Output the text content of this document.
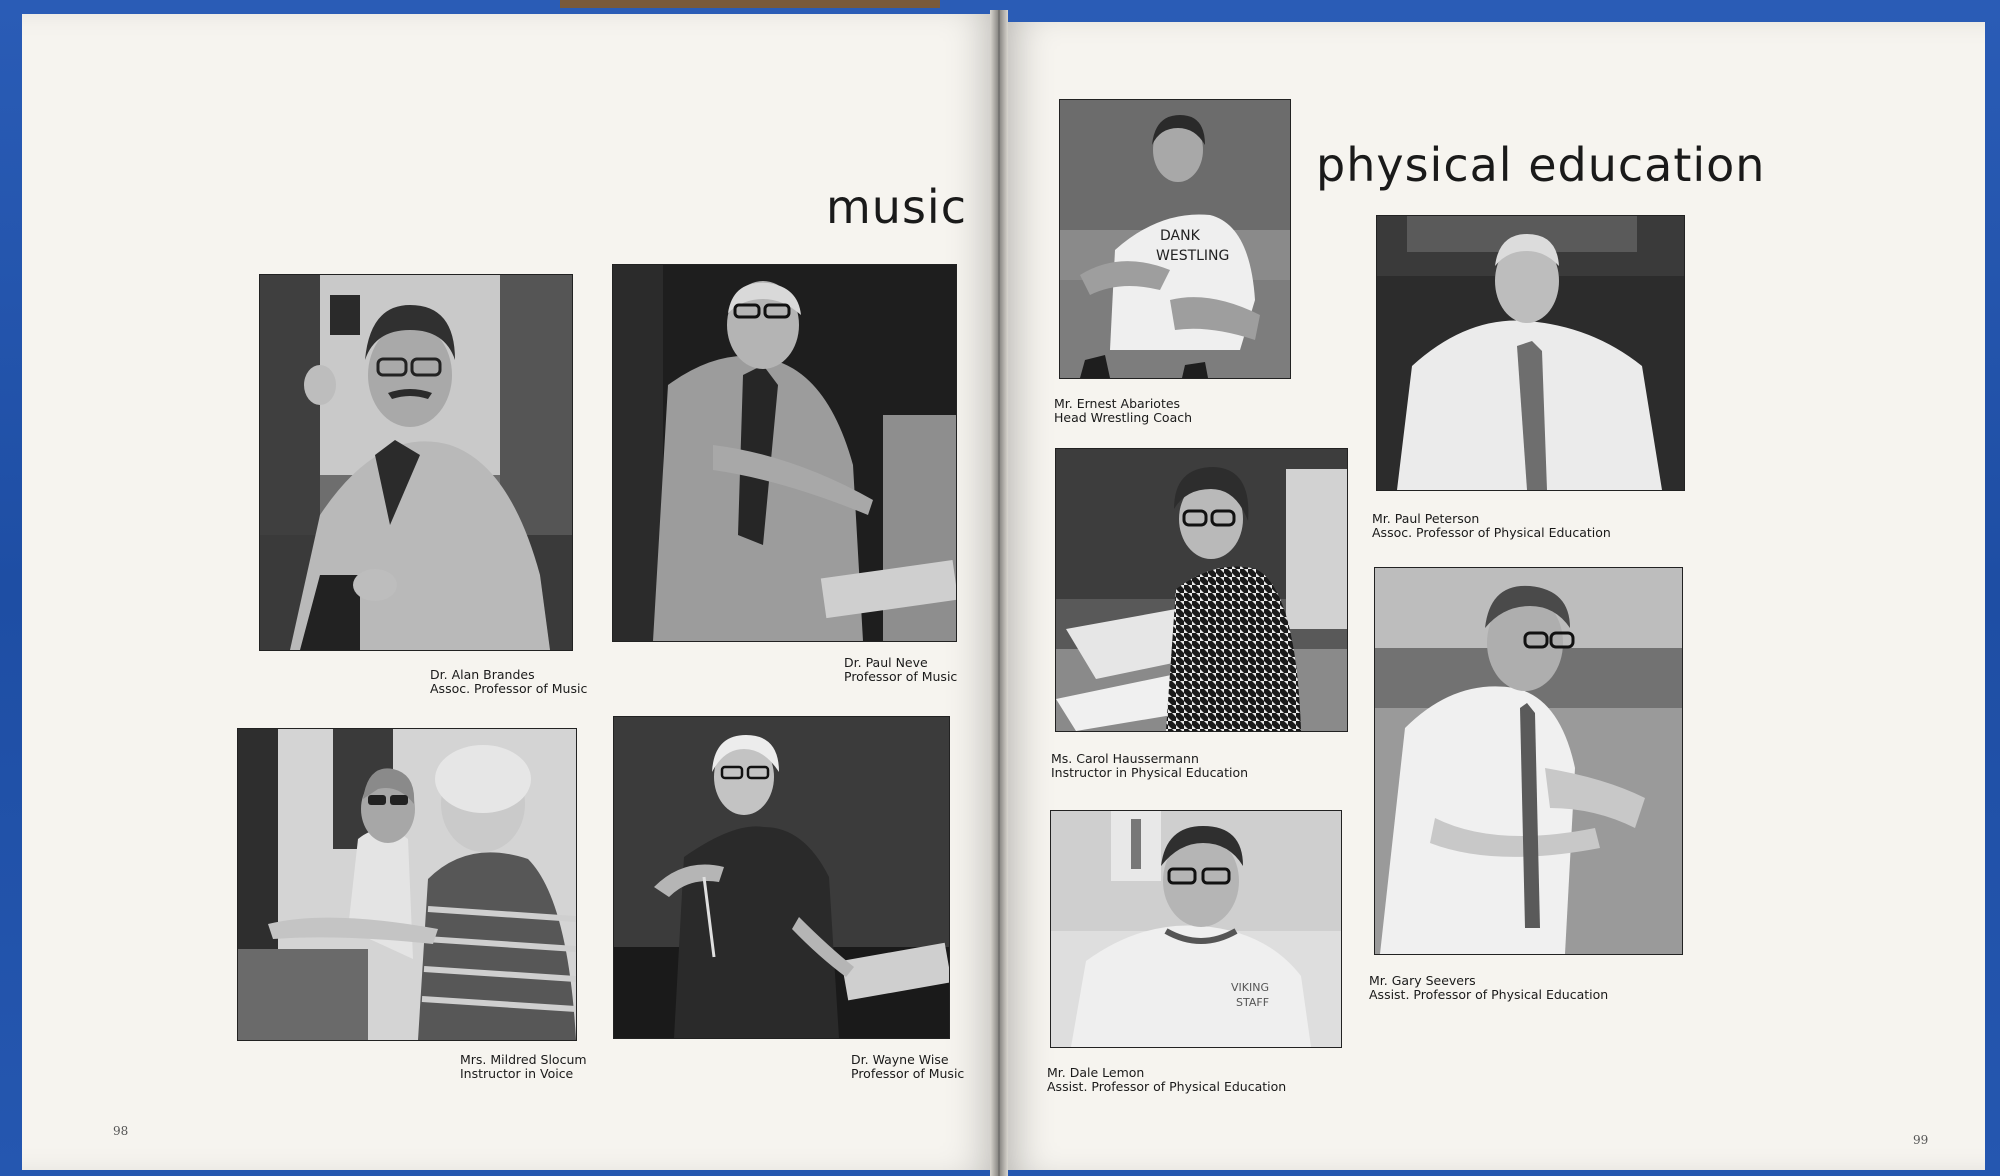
music
physical education
Dr. Alan Brandes
Assoc. Professor of Music
Dr. Paul Neve
Professor of Music
Mrs. Mildred Slocum
Instructor in Voice
Dr. Wayne Wise
Professor of Music
DANK
WESTLING
Mr. Ernest Abariotes
Head Wrestling Coach
Mr. Paul Peterson
Assoc. Professor of Physical Education
Ms. Carol Haussermann
Instructor in Physical Education
Mr. Gary Seevers
Assist. Professor of Physical Education
VIKING
STAFF
Mr. Dale Lemon
Assist. Professor of Physical Education
98
99
